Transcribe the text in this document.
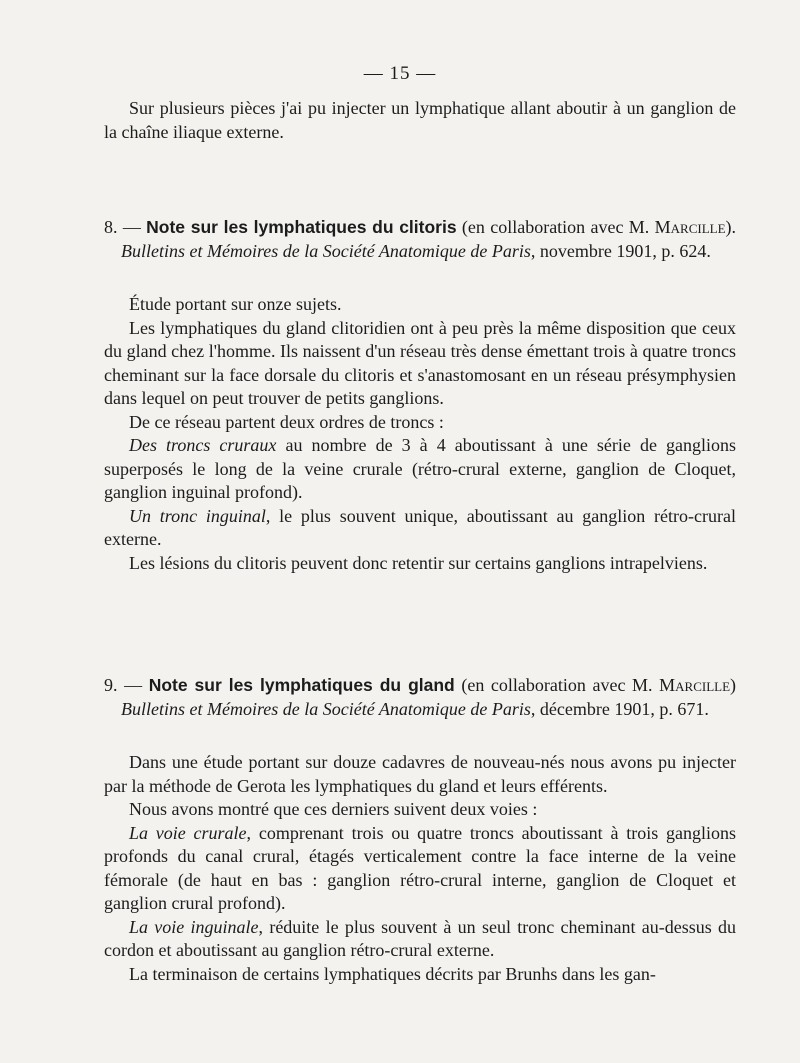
— 15 —
Sur plusieurs pièces j'ai pu injecter un lymphatique allant aboutir à un ganglion de la chaîne iliaque externe.
8. — Note sur les lymphatiques du clitoris (en collaboration avec M. Marcille). Bulletins et Mémoires de la Société Anatomique de Paris, novembre 1901, p. 624.
Étude portant sur onze sujets.
Les lymphatiques du gland clitoridien ont à peu près la même disposition que ceux du gland chez l'homme. Ils naissent d'un réseau très dense émettant trois à quatre troncs cheminant sur la face dorsale du clitoris et s'anastomosant en un réseau présymphysien dans lequel on peut trouver de petits ganglions.
De ce réseau partent deux ordres de troncs :
Des troncs cruraux au nombre de 3 à 4 aboutissant à une série de ganglions superposés le long de la veine crurale (rétro-crural externe, ganglion de Cloquet, ganglion inguinal profond).
Un tronc inguinal, le plus souvent unique, aboutissant au ganglion rétro-crural externe.
Les lésions du clitoris peuvent donc retentir sur certains ganglions intrapelviens.
9. — Note sur les lymphatiques du gland (en collaboration avec M. Marcille) Bulletins et Mémoires de la Société Anatomique de Paris, décembre 1901, p. 671.
Dans une étude portant sur douze cadavres de nouveau-nés nous avons pu injecter par la méthode de Gerota les lymphatiques du gland et leurs efférents.
Nous avons montré que ces derniers suivent deux voies :
La voie crurale, comprenant trois ou quatre troncs aboutissant à trois ganglions profonds du canal crural, étagés verticalement contre la face interne de la veine fémorale (de haut en bas : ganglion rétro-crural interne, ganglion de Cloquet et ganglion crural profond).
La voie inguinale, réduite le plus souvent à un seul tronc cheminant au-dessus du cordon et aboutissant au ganglion rétro-crural externe.
La terminaison de certains lymphatiques décrits par Brunhs dans les gan-
